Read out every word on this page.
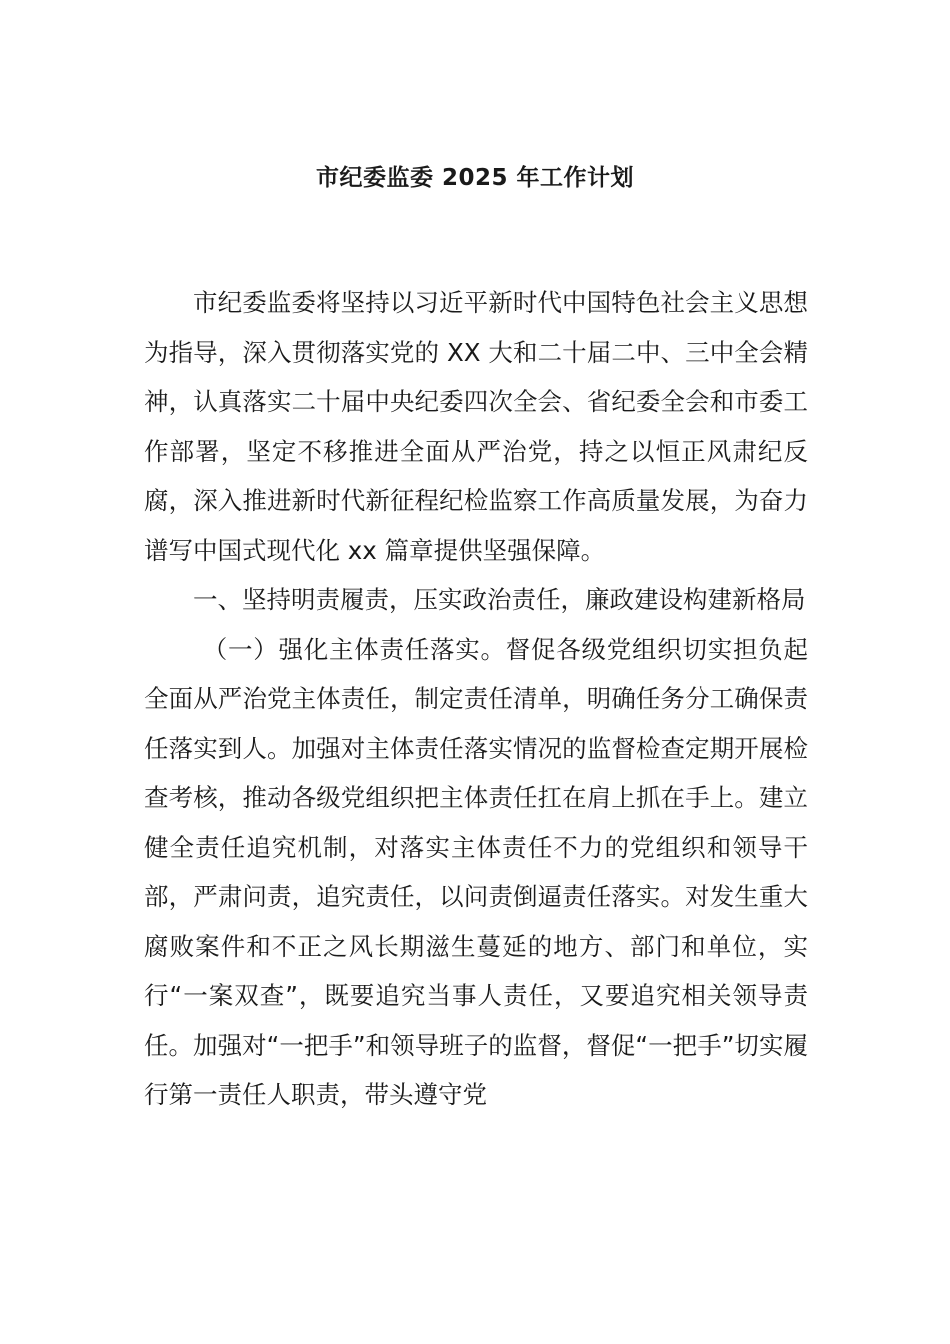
市纪委监委 2025 年工作计划

市纪委监委将坚持以习近平新时代中国特色社会主义思想为指导，深入贯彻落实党的 XX 大和二十届二中、三中全会精神，认真落实二十届中央纪委四次全会、省纪委全会和市委工作部署，坚定不移推进全面从严治党，持之以恒正风肃纪反腐，深入推进新时代新征程纪检监察工作高质量发展，为奋力谱写中国式现代化 xx 篇章提供坚强保障。

一、坚持明责履责，压实政治责任，廉政建设构建新格局

（一）强化主体责任落实。督促各级党组织切实担负起全面从严治党主体责任，制定责任清单，明确任务分工确保责任落实到人。加强对主体责任落实情况的监督检查定期开展检查考核，推动各级党组织把主体责任扛在肩上抓在手上。建立健全责任追究机制，对落实主体责任不力的党组织和领导干部，严肃问责，追究责任，以问责倒逼责任落实。对发生重大腐败案件和不正之风长期滋生蔓延的地方、部门和单位，实行“一案双查”，既要追究当事人责任，又要追究相关领导责任。加强对“一把手”和领导班子的监督，督促“一把手”切实履行第一责任人职责，带头遵守党
